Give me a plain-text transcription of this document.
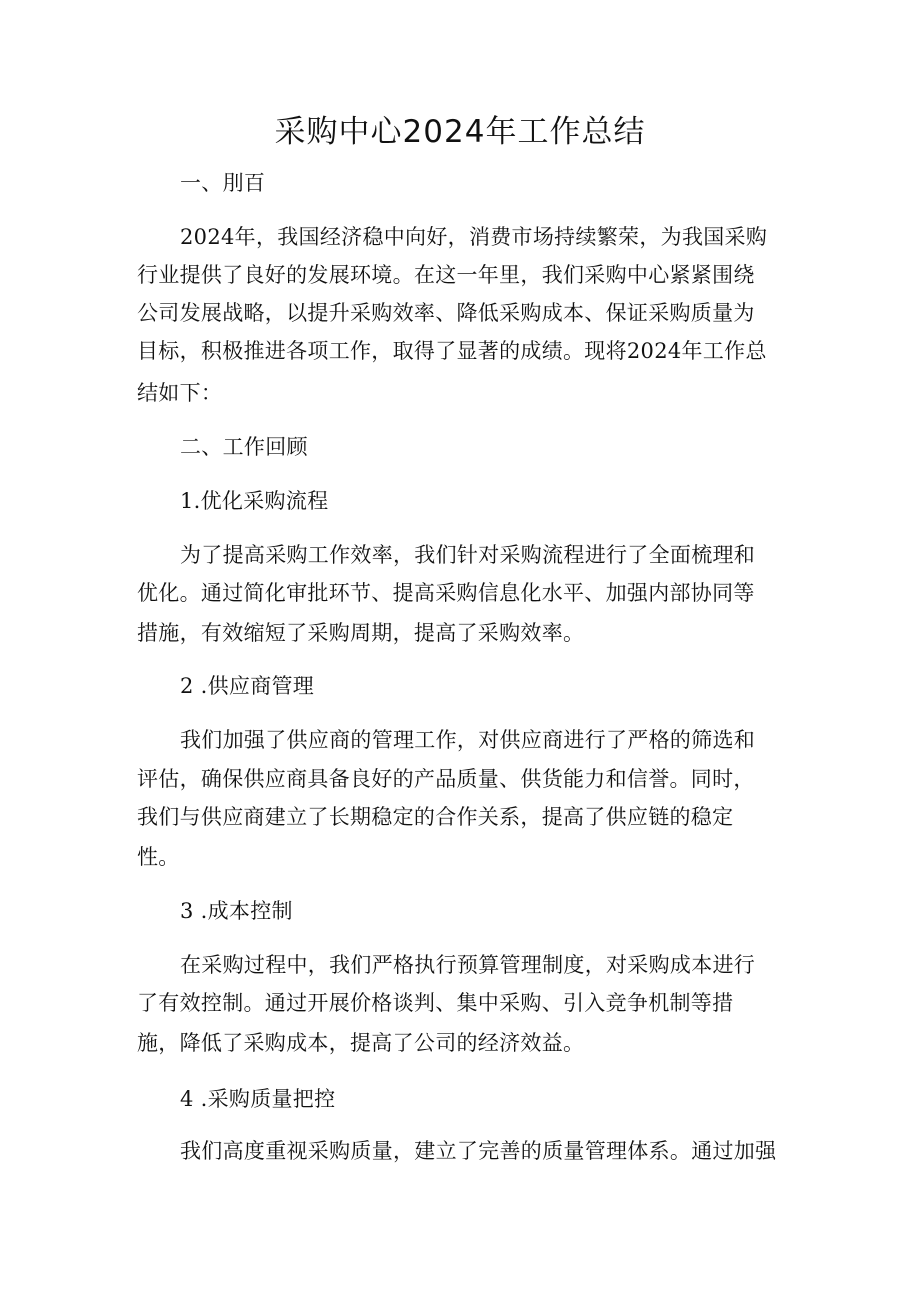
采购中心2024年工作总结
一、刖百
2024年，我国经济稳中向好，消费市场持续繁荣，为我国采购
行业提供了良好的发展环境。在这一年里，我们采购中心紧紧围绕
公司发展战略，以提升采购效率、降低采购成本、保证采购质量为
目标，积极推进各项工作，取得了显著的成绩。现将2024年工作总
结如下：
二、工作回顾
1.优化采购流程
为了提高采购工作效率，我们针对采购流程进行了全面梳理和
优化。通过简化审批环节、提高采购信息化水平、加强内部协同等
措施，有效缩短了采购周期，提高了采购效率。
2 .供应商管理
我们加强了供应商的管理工作，对供应商进行了严格的筛选和
评估，确保供应商具备良好的产品质量、供货能力和信誉。同时，
我们与供应商建立了长期稳定的合作关系，提高了供应链的稳定
性。
3 .成本控制
在采购过程中，我们严格执行预算管理制度，对采购成本进行
了有效控制。通过开展价格谈判、集中采购、引入竞争机制等措
施，降低了采购成本，提高了公司的经济效益。
4 .采购质量把控
我们高度重视采购质量，建立了完善的质量管理体系。通过加强
